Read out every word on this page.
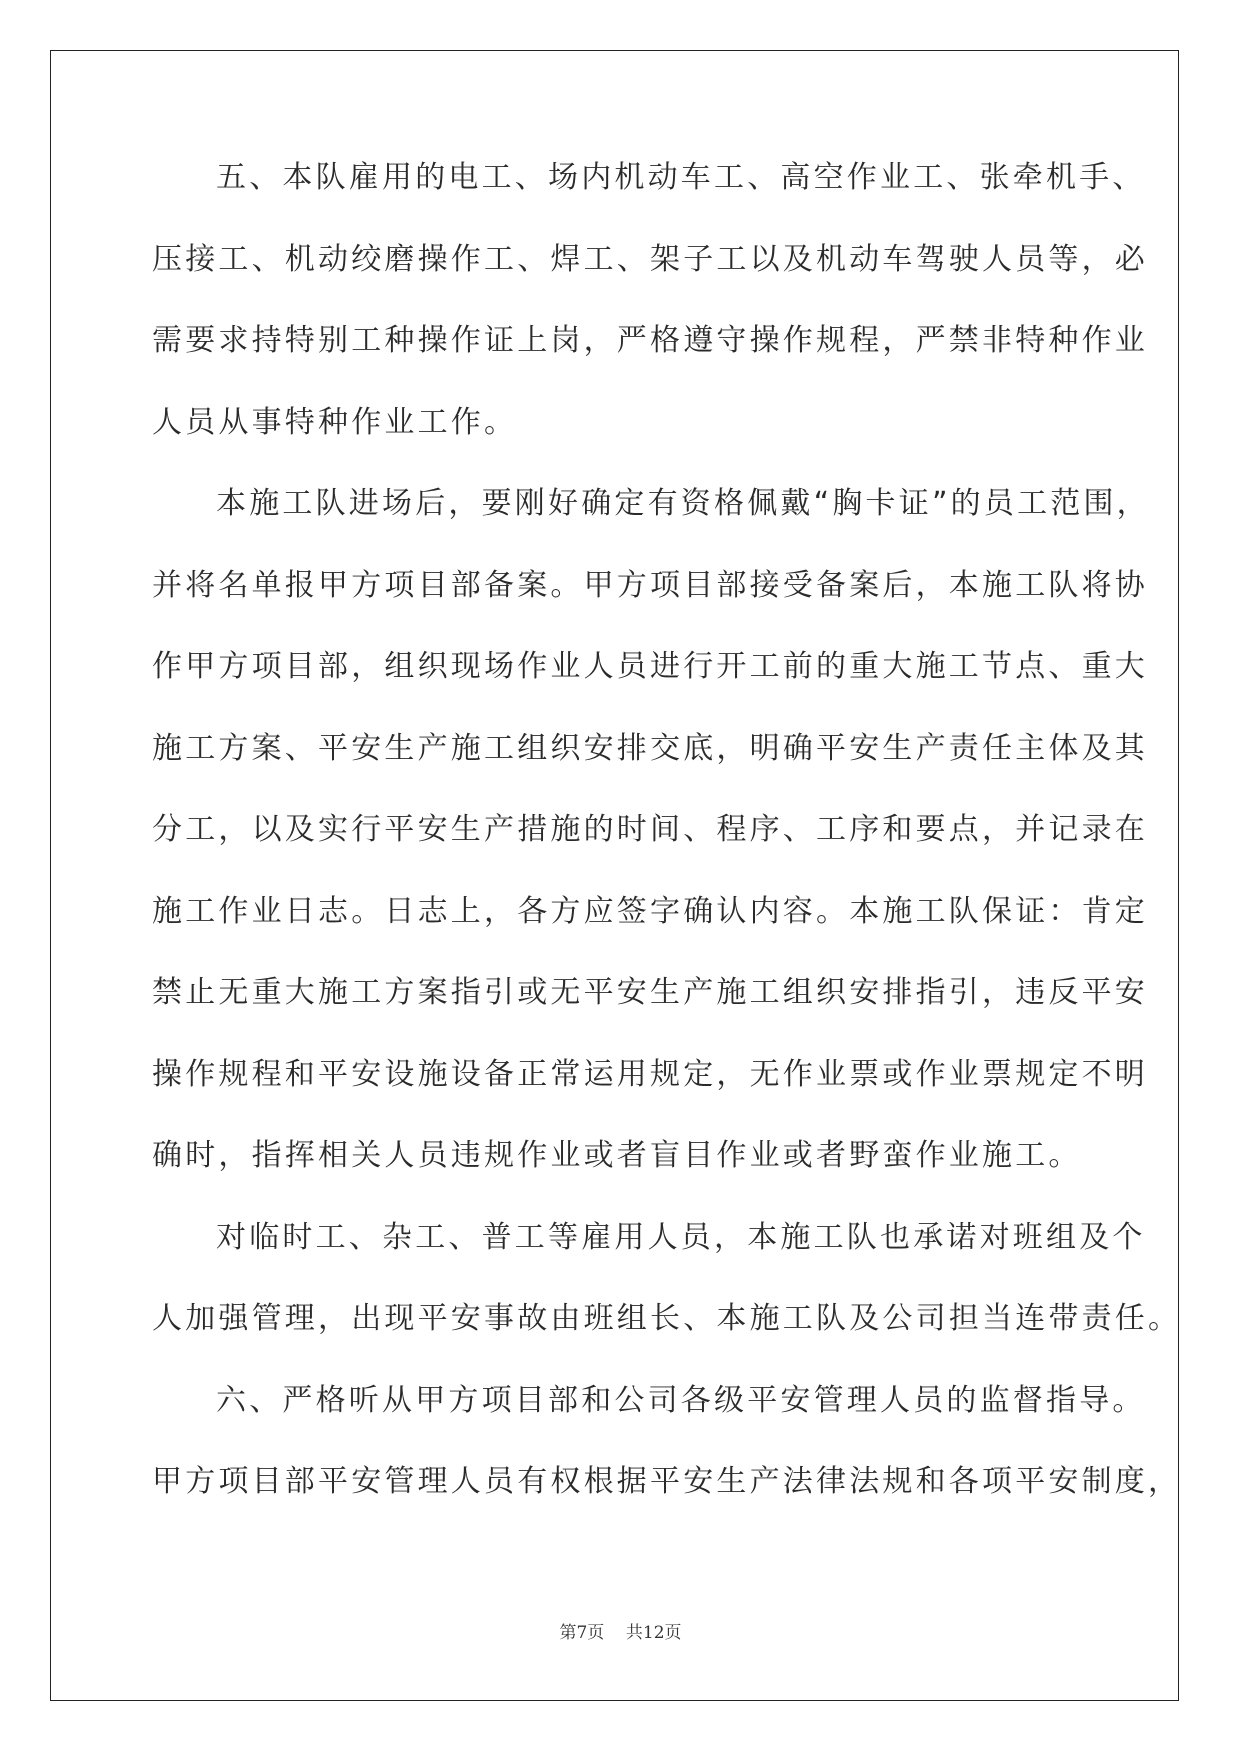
五、本队雇用的电工、场内机动车工、高空作业工、张牵机手、
压接工、机动绞磨操作工、焊工、架子工以及机动车驾驶人员等，必
需要求持特别工种操作证上岗，严格遵守操作规程，严禁非特种作业
人员从事特种作业工作。
本施工队进场后，要刚好确定有资格佩戴“胸卡证”的员工范围，
并将名单报甲方项目部备案。甲方项目部接受备案后，本施工队将协
作甲方项目部，组织现场作业人员进行开工前的重大施工节点、重大
施工方案、平安生产施工组织安排交底，明确平安生产责任主体及其
分工，以及实行平安生产措施的时间、程序、工序和要点，并记录在
施工作业日志。日志上，各方应签字确认内容。本施工队保证：肯定
禁止无重大施工方案指引或无平安生产施工组织安排指引，违反平安
操作规程和平安设施设备正常运用规定，无作业票或作业票规定不明
确时，指挥相关人员违规作业或者盲目作业或者野蛮作业施工。
对临时工、杂工、普工等雇用人员，本施工队也承诺对班组及个
人加强管理，出现平安事故由班组长、本施工队及公司担当连带责任。
六、严格听从甲方项目部和公司各级平安管理人员的监督指导。
甲方项目部平安管理人员有权根据平安生产法律法规和各项平安制度，
第7页 共12页
